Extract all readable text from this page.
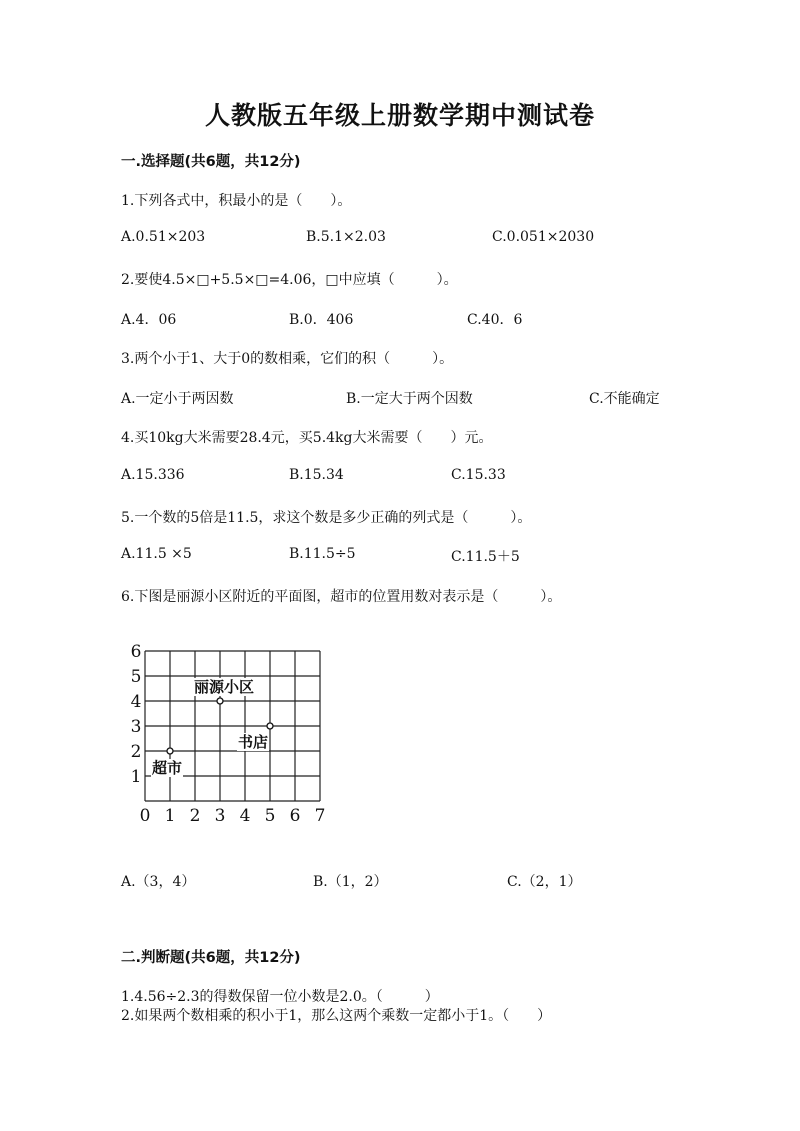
人教版五年级上册数学期中测试卷
一.选择题(共6题，共12分)
1.下列各式中，积最小的是（　　）。
A.0.51×203	B.5.1×2.03	C.0.051×2030
2.要使4.5×□+5.5×□=4.06，□中应填（　　　）。
A.4．06	B.0．406	C.40．6
3.两个小于1、大于0的数相乘，它们的积（　　　）。
A.一定小于两因数	B.一定大于两个因数	C.不能确定
4.买10kg大米需要28.4元，买5.4kg大米需要（　　）元。
A.15.336	B.15.34	C.15.33
5.一个数的5倍是11.5，求这个数是多少正确的列式是（　　　）。
A.11.5 ×5	B.11.5÷5	C.11.5＋5
6.下图是丽源小区附近的平面图，超市的位置用数对表示是（　　　）。
0 1 2 3 4 5 6 7
1
2
3
4
5
6
丽源小区
书店
超市
A.（3，4）	B.（1，2）	C.（2，1）
二.判断题(共6题，共12分)
1.4.56÷2.3的得数保留一位小数是2.0。（　　　）
2.如果两个数相乘的积小于1，那么这两个乘数一定都小于1。（　　）
